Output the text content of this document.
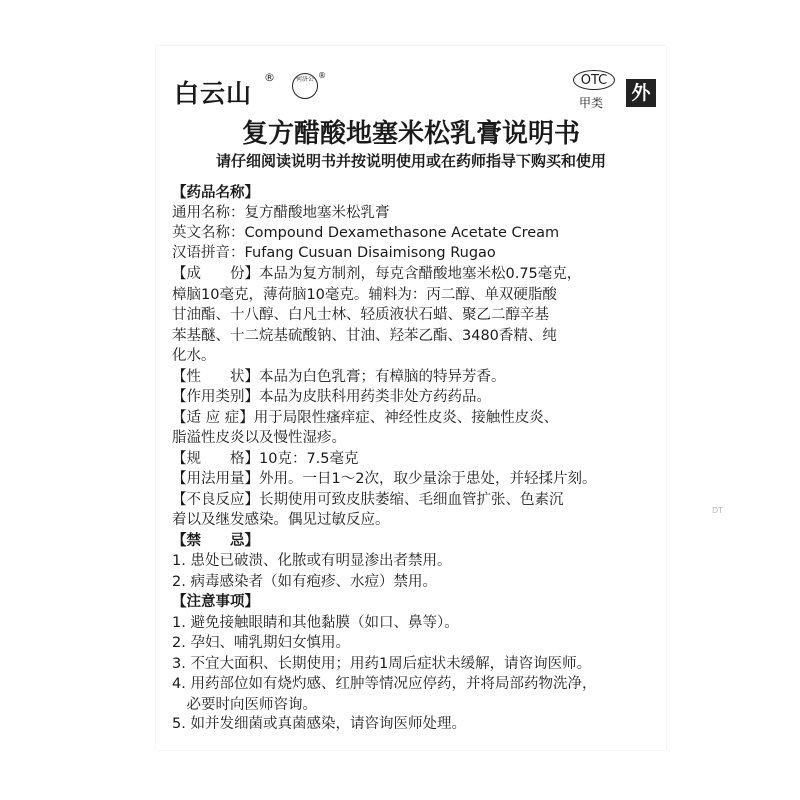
白云山
®	何济公 ®	OTC
甲类 外
复方醋酸地塞米松乳膏说明书
请仔细阅读说明书并按说明使用或在药师指导下购买和使用
【药品名称】
通用名称：复方醋酸地塞米松乳膏
英文名称：Compound Dexamethasone Acetate Cream
汉语拼音：Fufang Cusuan Disaimisong Rugao
【成　　份】本品为复方制剂，每克含醋酸地塞米松0.75毫克，
樟脑10毫克，薄荷脑10毫克。辅料为：丙二醇、单双硬脂酸
甘油酯、十八醇、白凡士林、轻质液状石蜡、聚乙二醇辛基
苯基醚、十二烷基硫酸钠、甘油、羟苯乙酯、3480香精、纯
化水。
【性　　状】本品为白色乳膏；有樟脑的特异芳香。
【作用类别】本品为皮肤科用药类非处方药药品。
【适 应 症】用于局限性瘙痒症、神经性皮炎、接触性皮炎、
脂溢性皮炎以及慢性湿疹。
【规　　格】10克：7.5毫克
【用法用量】外用。一日1～2次，取少量涂于患处，并轻揉片刻。
【不良反应】长期使用可致皮肤萎缩、毛细血管扩张、色素沉
着以及继发感染。偶见过敏反应。
【禁　　忌】
1. 患处已破溃、化脓或有明显渗出者禁用。
2. 病毒感染者（如有疱疹、水痘）禁用。
【注意事项】
1. 避免接触眼睛和其他黏膜（如口、鼻等）。
2. 孕妇、哺乳期妇女慎用。
3. 不宜大面积、长期使用；用药1周后症状未缓解，请咨询医师。
4. 用药部位如有烧灼感、红肿等情况应停药，并将局部药物洗净，
　必要时向医师咨询。
5. 如并发细菌或真菌感染，请咨询医师处理。
DT
